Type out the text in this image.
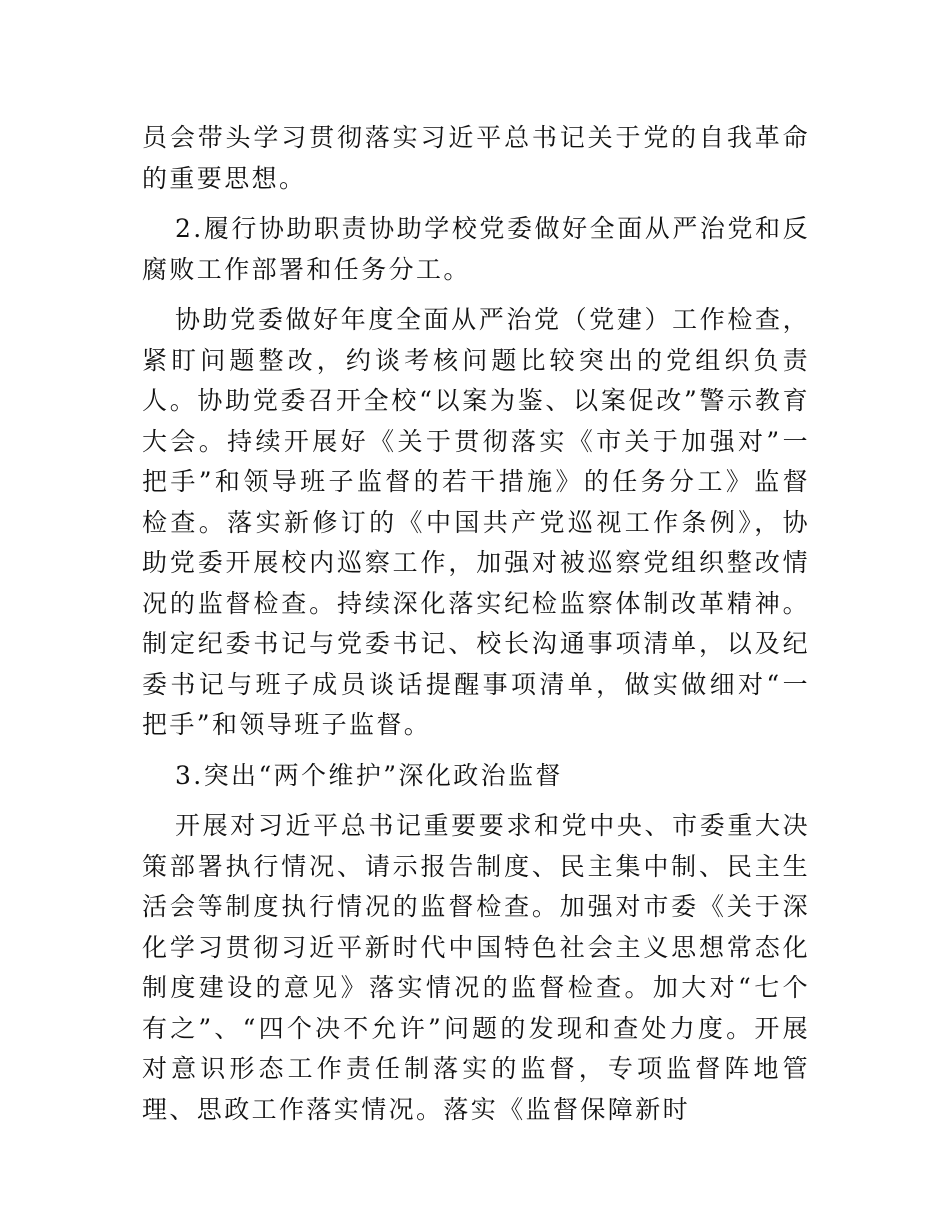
员会带头学习贯彻落实习近平总书记关于党的自我革命的重要思想。

2.履行协助职责协助学校党委做好全面从严治党和反腐败工作部署和任务分工。

协助党委做好年度全面从严治党（党建）工作检查，紧盯问题整改，约谈考核问题比较突出的党组织负责人。协助党委召开全校“以案为鉴、以案促改”警示教育大会。持续开展好《关于贯彻落实《市关于加强对”一把手”和领导班子监督的若干措施》的任务分工》监督检查。落实新修订的《中国共产党巡视工作条例》，协助党委开展校内巡察工作，加强对被巡察党组织整改情况的监督检查。持续深化落实纪检监察体制改革精神。制定纪委书记与党委书记、校长沟通事项清单，以及纪委书记与班子成员谈话提醒事项清单，做实做细对“一把手”和领导班子监督。

3.突出“两个维护”深化政治监督

开展对习近平总书记重要要求和党中央、市委重大决策部署执行情况、请示报告制度、民主集中制、民主生活会等制度执行情况的监督检查。加强对市委《关于深化学习贯彻习近平新时代中国特色社会主义思想常态化制度建设的意见》落实情况的监督检查。加大对“七个有之”、“四个决不允许”问题的发现和查处力度。开展对意识形态工作责任制落实的监督，专项监督阵地管理、思政工作落实情况。落实《监督保障新时
